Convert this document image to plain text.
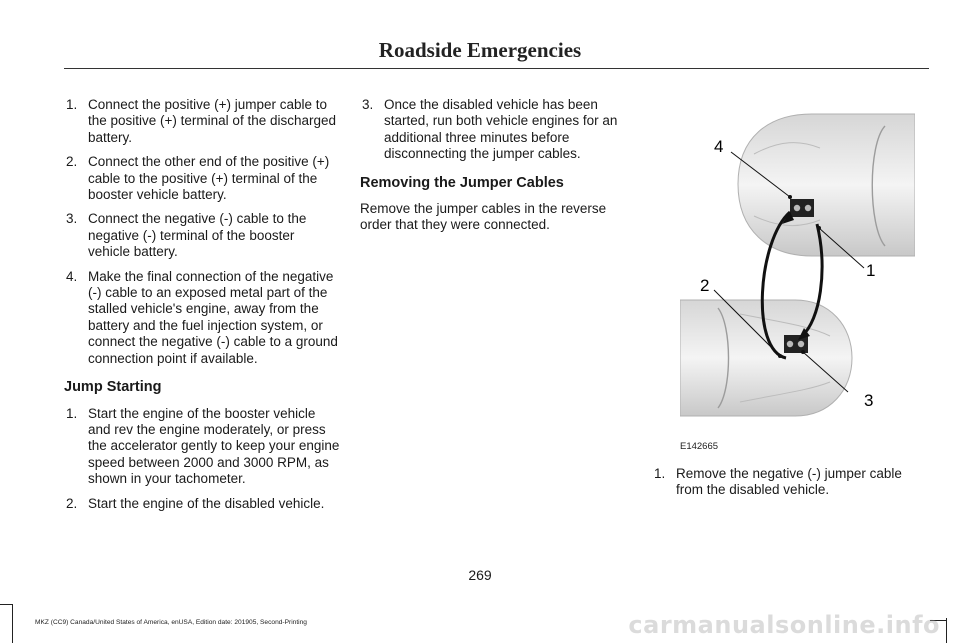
Roadside Emergencies
1. Connect the positive (+) jumper cable to the positive (+) terminal of the discharged battery.
2. Connect the other end of the positive (+) cable to the positive (+) terminal of the booster vehicle battery.
3. Connect the negative (-) cable to the negative (-) terminal of the booster vehicle battery.
4. Make the final connection of the negative (-) cable to an exposed metal part of the stalled vehicle's engine, away from the battery and the fuel injection system, or connect the negative (-) cable to a ground connection point if available.
Jump Starting
1. Start the engine of the booster vehicle and rev the engine moderately, or press the accelerator gently to keep your engine speed between 2000 and 3000 RPM, as shown in your tachometer.
2. Start the engine of the disabled vehicle.
3. Once the disabled vehicle has been started, run both vehicle engines for an additional three minutes before disconnecting the jumper cables.
Removing the Jumper Cables

Remove the jumper cables in the reverse order that they were connected.

4
1
2
3
E142665
1. Remove the negative (-) jumper cable from the disabled vehicle.
269
MKZ (CC9) Canada/United States of America, enUSA, Edition date: 201905, Second-Printing	carmanualsonline.info
